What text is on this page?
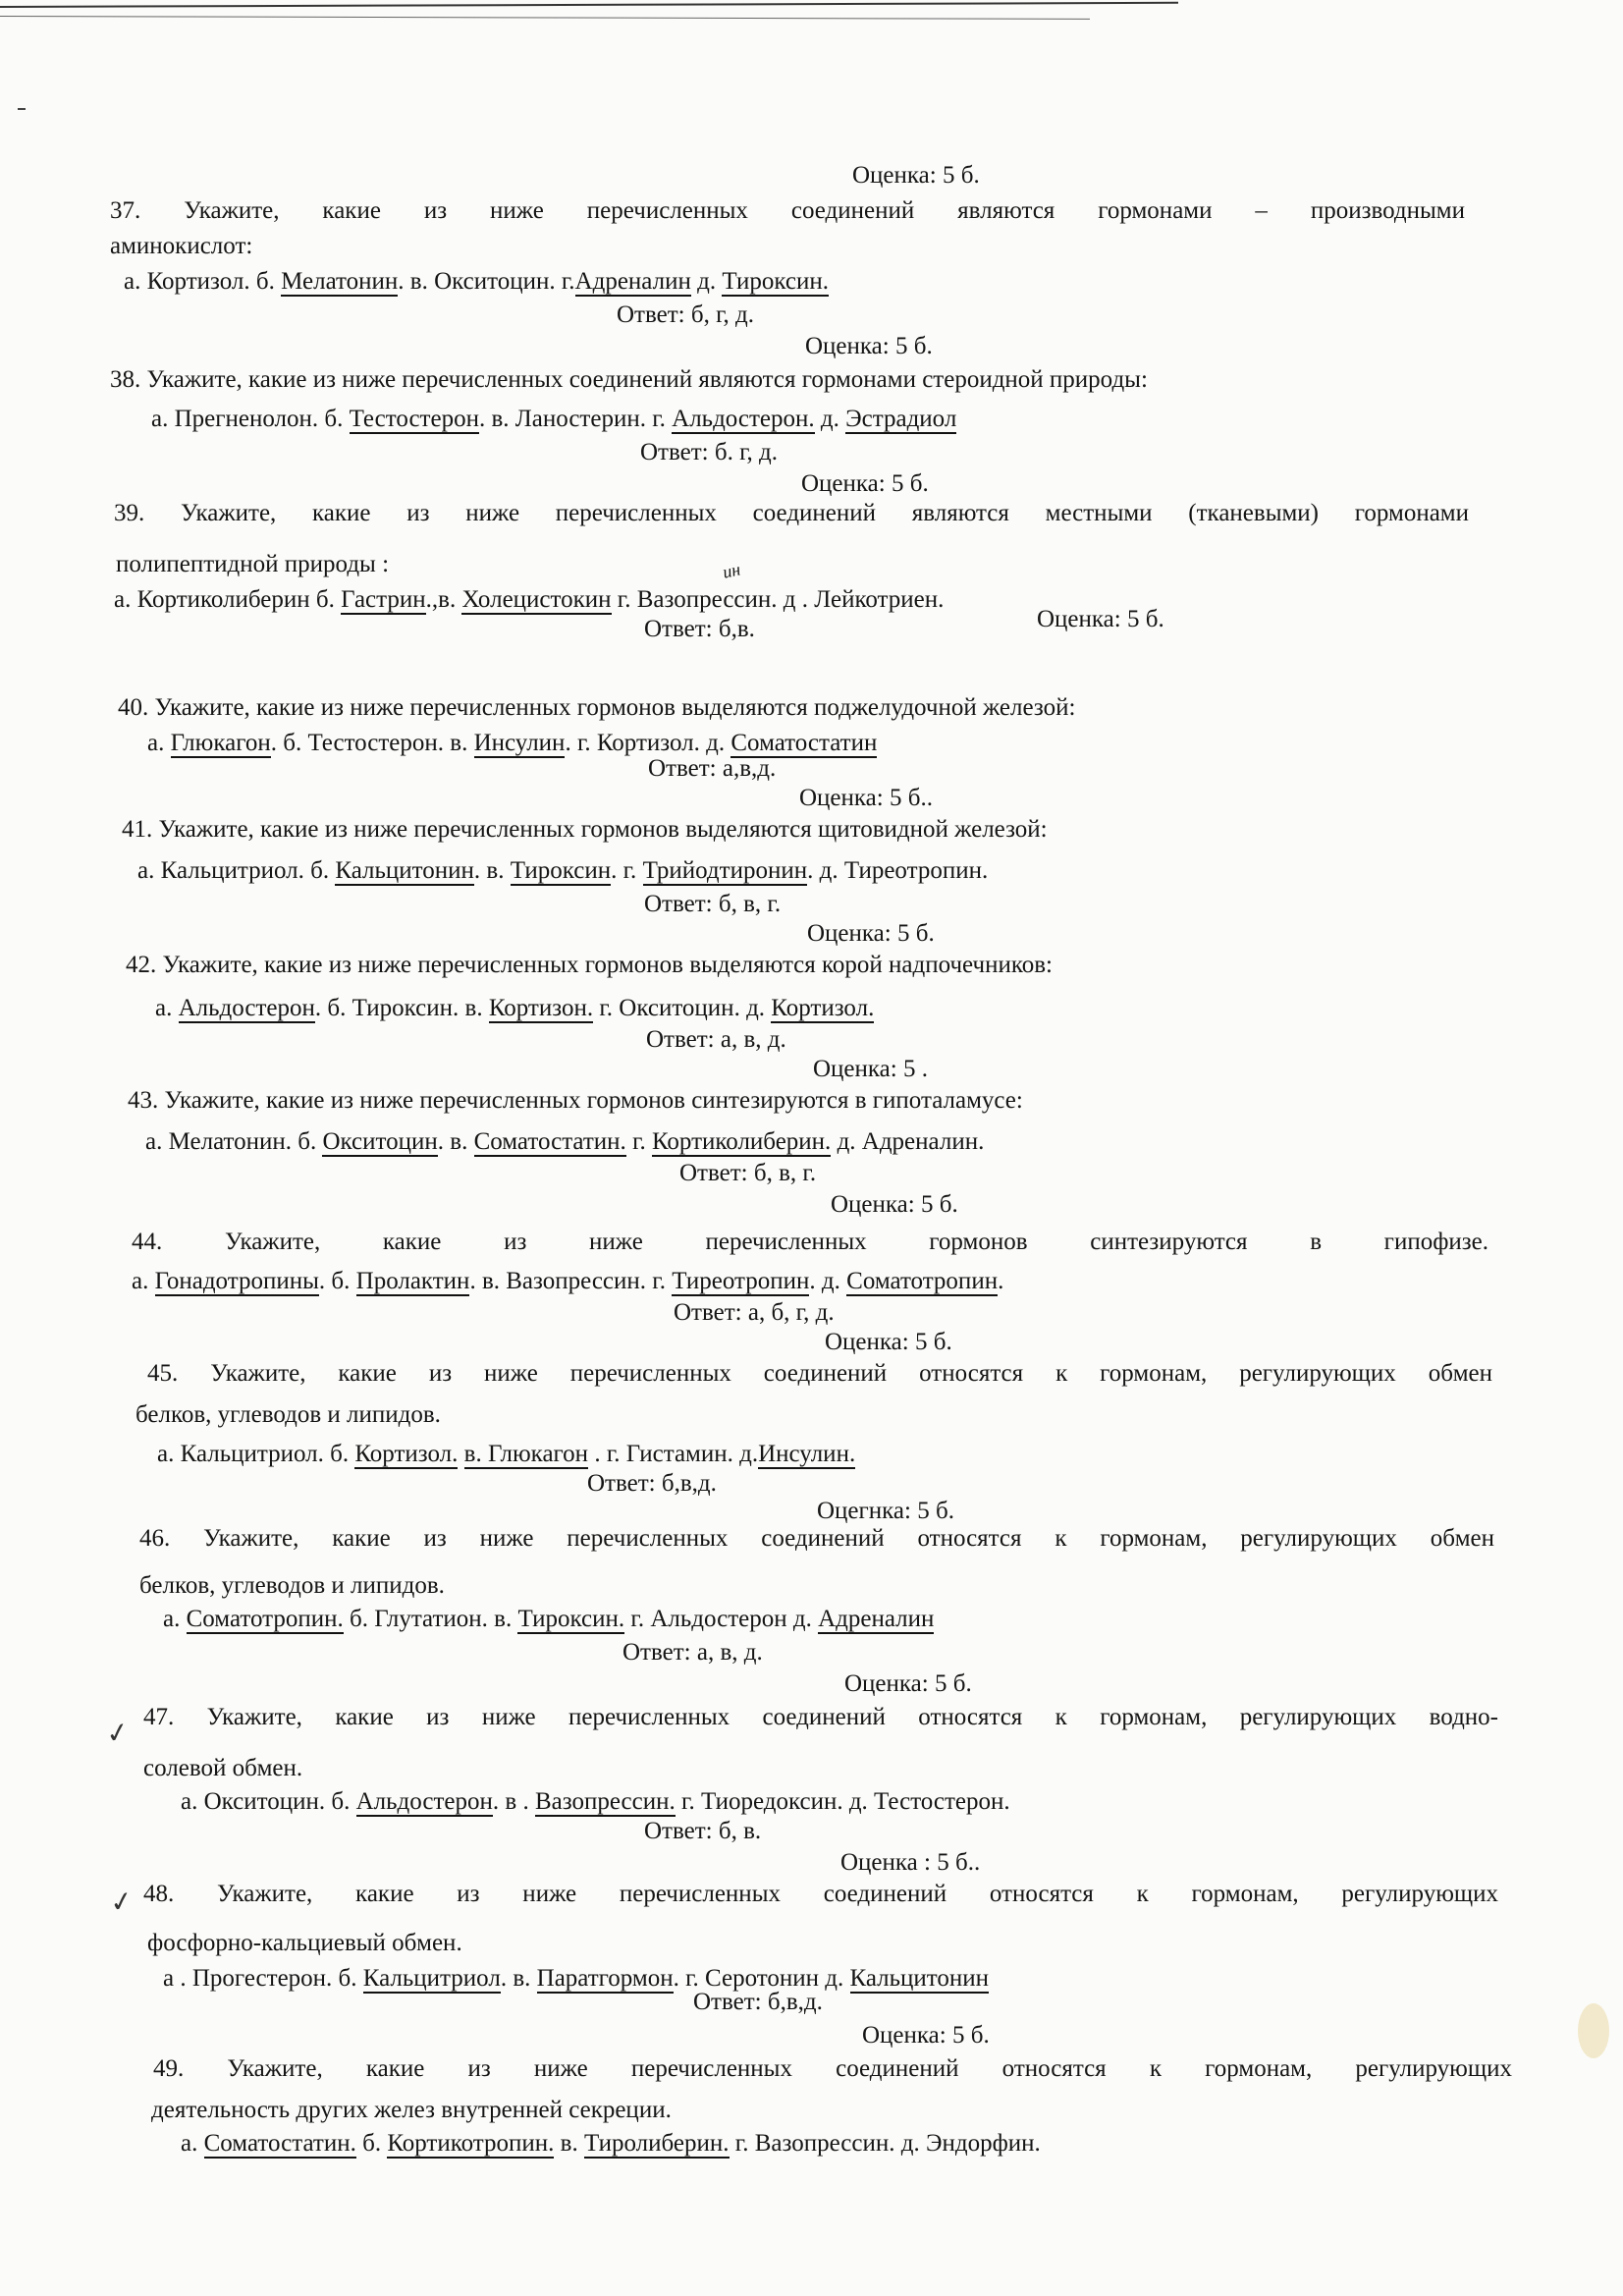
Оценка: 5 б.
37. Укажите, какие из ниже перечисленных соединений являются гормонами – производными
аминокислот:
а. Кортизол. б. Мелатонин. в. Окситоцин. г.Адреналин д. Тироксин.
Ответ: б, г, д.
Оценка: 5 б.
38. Укажите, какие из ниже перечисленных соединений являются гормонами стероидной природы:
а. Прегненолон. б. Тестостерон. в. Ланостерин. г. Альдостерон. д. Эстрадиол
Ответ: б. г, д.
Оценка: 5 б.
39. Укажите, какие из ниже перечисленных соединений являются местными (тканевыми) гормонами
полипептидной природы :
а. Кортиколиберин б. Гастрин.,в. Холецистокин г. Вазопрессин. д . Лейкотриен.
ин
Ответ: б,в.	Оценка: 5 б.
40. Укажите, какие из ниже перечисленных гормонов выделяются поджелудочной железой:
а. Глюкагон. б. Тестостерон. в. Инсулин. г. Кортизол. д. Соматостатин
Ответ: а,в,д.
Оценка: 5 б..
41. Укажите, какие из ниже перечисленных гормонов выделяются щитовидной железой:
а. Кальцитриол. б. Кальцитонин. в. Тироксин. г. Трийодтиронин. д. Тиреотропин.
Ответ: б, в, г.
Оценка: 5 б.
42. Укажите, какие из ниже перечисленных гормонов выделяются корой надпочечников:
а. Альдостерон. б. Тироксин. в. Кортизон. г. Окситоцин. д. Кортизол.
Ответ: а, в, д.
Оценка: 5 .
43. Укажите, какие из ниже перечисленных гормонов синтезируются в гипоталамусе:
а. Мелатонин. б. Окситоцин. в. Соматостатин. г. Кортиколиберин. д. Адреналин.
Ответ: б, в, г.
Оценка: 5 б.
44.	Укажите, какие из ниже перечисленных гормонов синтезируются в гипофизе.
а. Гонадотропины. б. Пролактин. в. Вазопрессин. г. Тиреотропин. д. Соматотропин.
Ответ: а, б, г, д.
Оценка: 5 б.
45. Укажите, какие из ниже перечисленных соединений относятся к гормонам, регулирующих обмен
белков, углеводов и липидов.
а. Кальцитриол. б. Кортизол. в. Глюкагон . г. Гистамин. д.Инсулин.
Ответ: б,в,д.
Оцегнка: 5 б.
46. Укажите, какие из ниже перечисленных соединений относятся к гормонам, регулирующих обмен
белков, углеводов и липидов.
а. Соматотропин. б. Глутатион. в. Тироксин. г. Альдостерон д. Адреналин
Ответ: а, в, д.
Оценка: 5 б.
✓ 47. Укажите, какие из ниже перечисленных соединений относятся к гормонам, регулирующих водно-
солевой обмен.
а. Окситоцин. б. Альдостерон. в . Вазопрессин. г. Тиоредоксин. д. Тестостерон.
Ответ: б, в.
Оценка : 5 б..
✓ 48. Укажите, какие из ниже перечисленных соединений относятся к гормонам, регулирующих
фосфорно-кальциевый обмен.
а . Прогестерон. б. Кальцитриол. в. Паратгормон. г. Серотонин д. Кальцитонин
Ответ: б,в,д.
Оценка: 5 б.
49. Укажите, какие из ниже перечисленных соединений относятся к гормонам, регулирующих
деятельность других желез внутренней секреции.
а. Соматостатин. б. Кортикотропин. в. Тиролиберин. г. Вазопрессин. д. Эндорфин.
